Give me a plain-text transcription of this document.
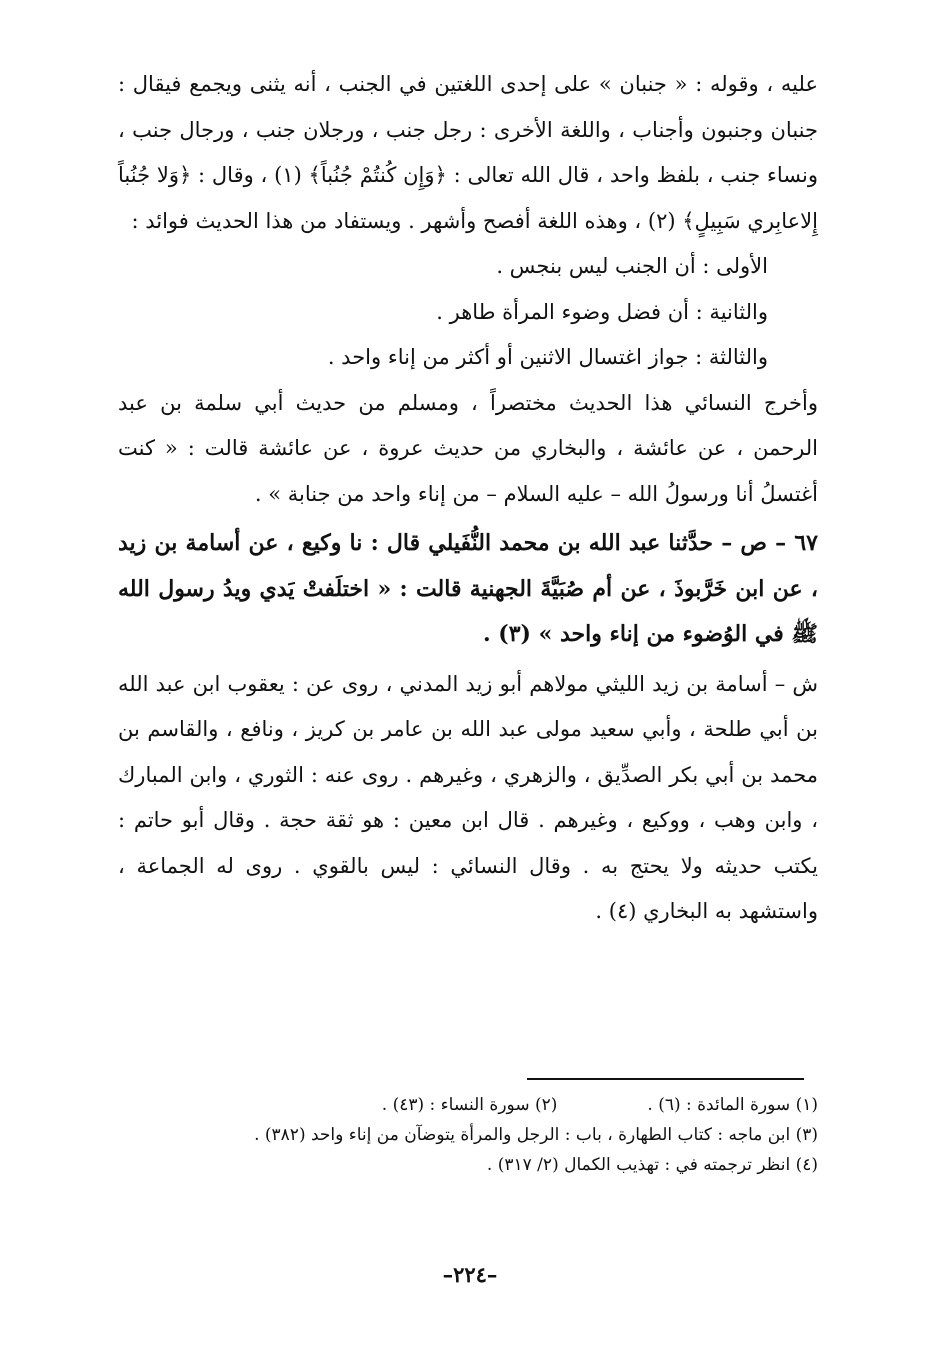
عليه ، وقوله : « جنبان » على إحدى اللغتين في الجنب ، أنه يثنى ويجمع فيقال : جنبان وجنبون وأجناب ، واللغة الأخرى : رجل جنب ، ورجلان جنب ، ورجال جنب ، ونساء جنب ، بلفظ واحد ، قال الله تعالى : ﴿وَإِن كُنتُمْ جُنُباً﴾ (١) ، وقال : ﴿وَلا جُنُباً إِلاعابِري سَبِيلٍ﴾ (٢) ، وهذه اللغة أفصح وأشهر . ويستفاد من هذا الحديث فوائد :

الأولى : أن الجنب ليس بنجس .

والثانية : أن فضل وضوء المرأة طاهر .

والثالثة : جواز اغتسال الاثنين أو أكثر من إناء واحد .

وأخرج النسائي هذا الحديث مختصراً ، ومسلم من حديث أبي سلمة بن عبد الرحمن ، عن عائشة ، والبخاري من حديث عروة ، عن عائشة قالت : « كنت أغتسلُ أنا ورسولُ الله – عليه السلام – من إناء واحد من جنابة » .

٦٧ – ص – حدَّثنا عبد الله بن محمد النُّفَيلي قال : نا وكيع ، عن أسامة بن زيد ، عن ابن خَرَّبوذَ ، عن أم صُبَيَّةَ الجهنية قالت : « اختلَفتْ يَدي ويدُ رسول الله ﷺ في الوُضوء من إناء واحد » (٣) .

ش – أسامة بن زيد الليثي مولاهم أبو زيد المدني ، روى عن : يعقوب ابن عبد الله بن أبي طلحة ، وأبي سعيد مولى عبد الله بن عامر بن كريز ، ونافع ، والقاسم بن محمد بن أبي بكر الصدِّيق ، والزهري ، وغيرهم . روى عنه : الثوري ، وابن المبارك ، وابن وهب ، ووكيع ، وغيرهم . قال ابن معين : هو ثقة حجة . وقال أبو حاتم : يكتب حديثه ولا يحتج به . وقال النسائي : ليس بالقوي . روى له الجماعة ، واستشهد به البخاري (٤) .

(١) سورة المائدة : (٦) .

(٢) سورة النساء : (٤٣) .

(٣) ابن ماجه : كتاب الطهارة ، باب : الرجل والمرأة يتوضآن من إناء واحد (٣٨٢) .

(٤) انظر ترجمته في : تهذيب الكمال (٢/ ٣١٧) .

–٢٢٤–
